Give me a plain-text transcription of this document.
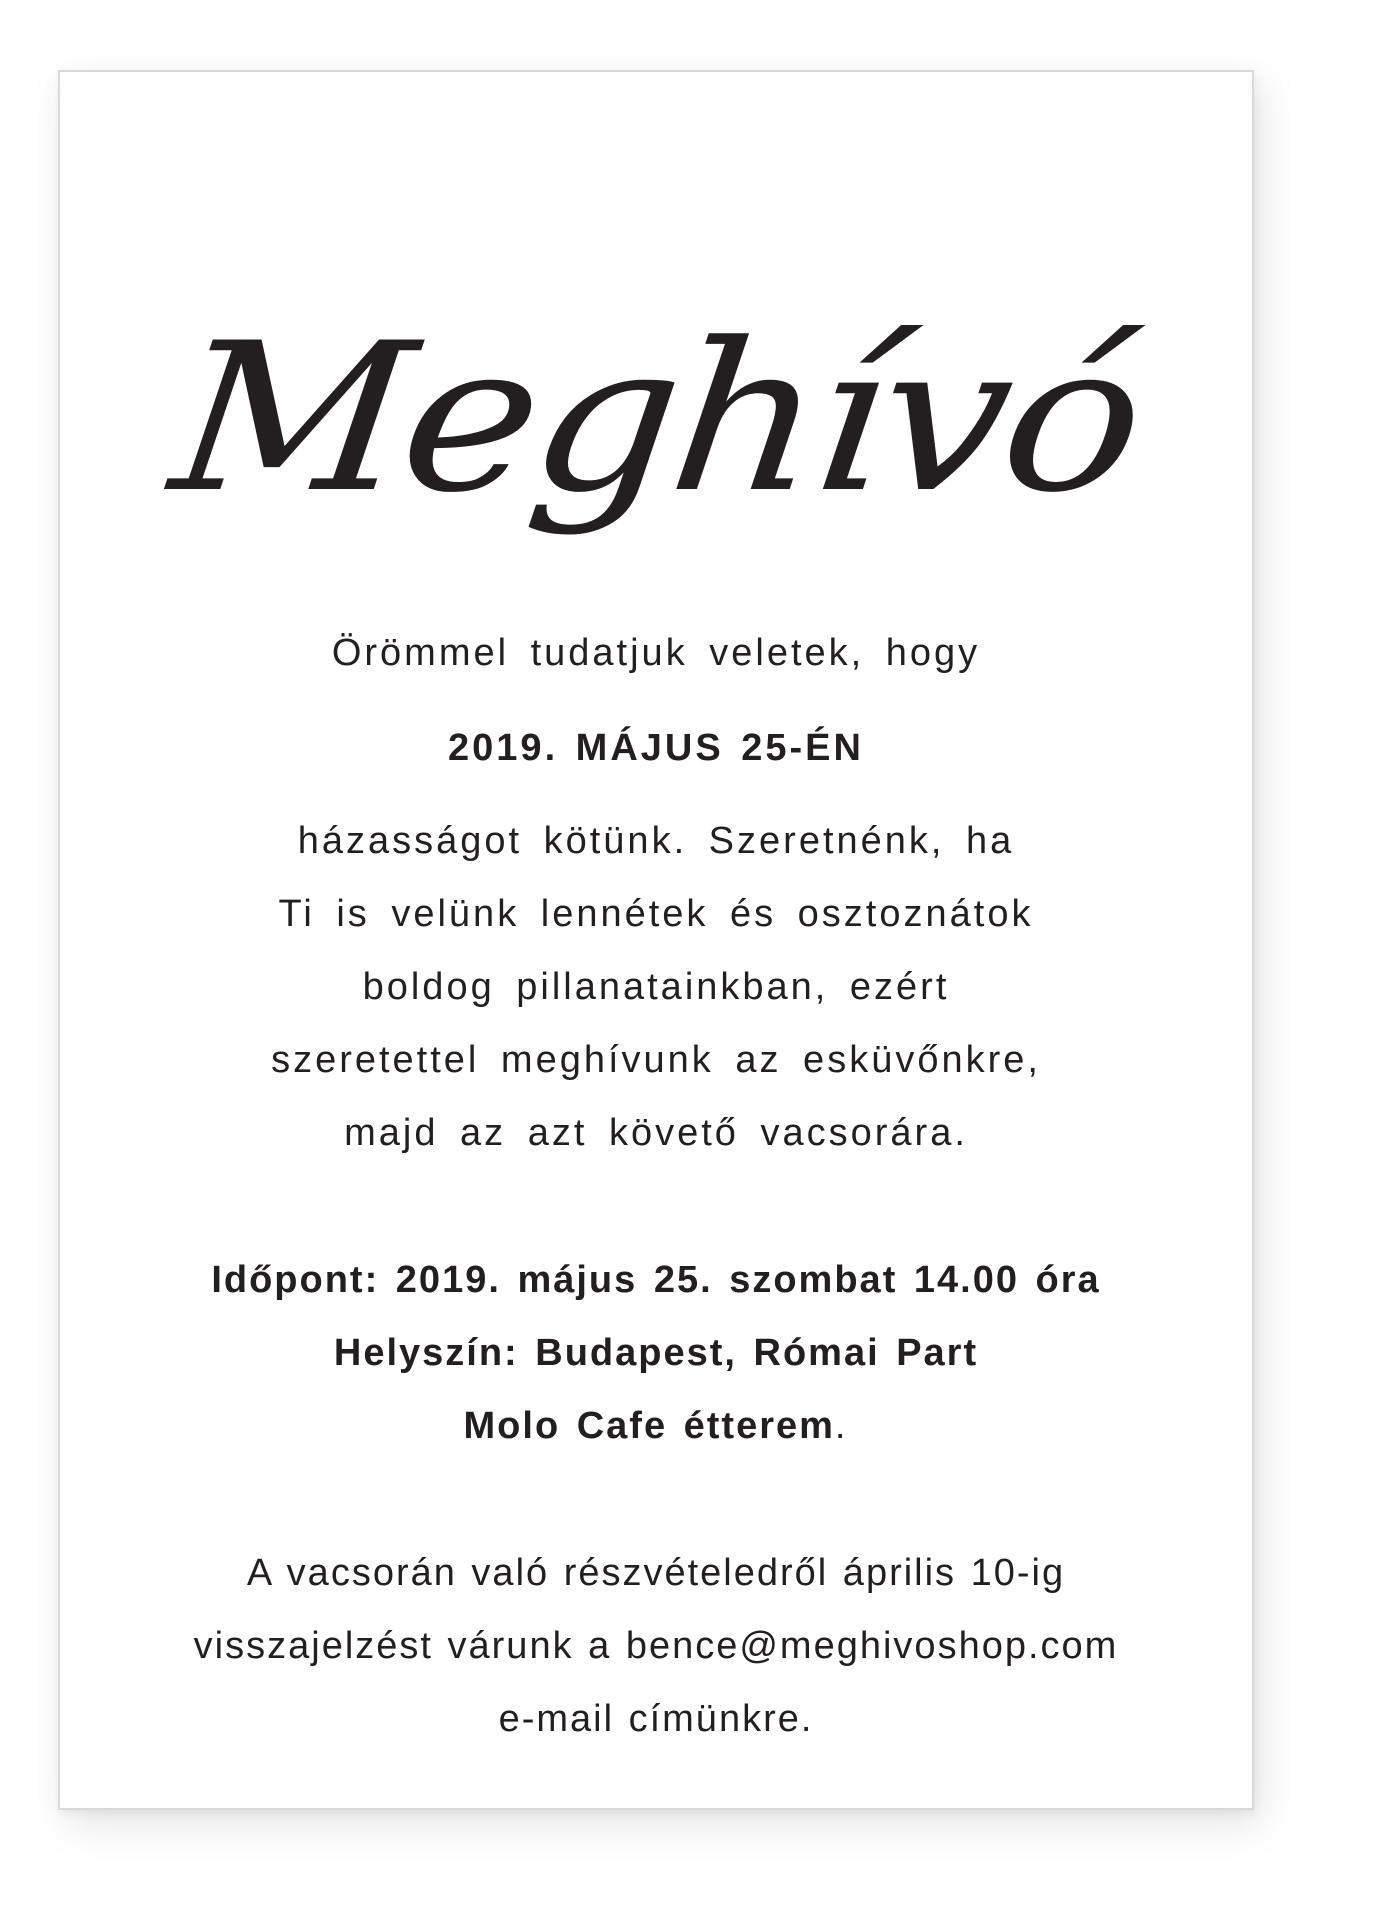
Meghívó
Örömmel tudatjuk veletek, hogy
2019. MÁJUS 25-ÉN
házasságot kötünk. Szeretnénk, ha
Ti is velünk lennétek és osztoznátok
boldog pillanatainkban, ezért
szeretettel meghívunk az esküvőnkre,
majd az azt követő vacsorára.
Időpont: 2019. május 25. szombat 14.00 óra
Helyszín: Budapest, Római Part
Molo Cafe étterem.
A vacsorán való részvételedről április 10-ig
visszajelzést várunk a bence@meghivoshop.com
e-mail címünkre.
